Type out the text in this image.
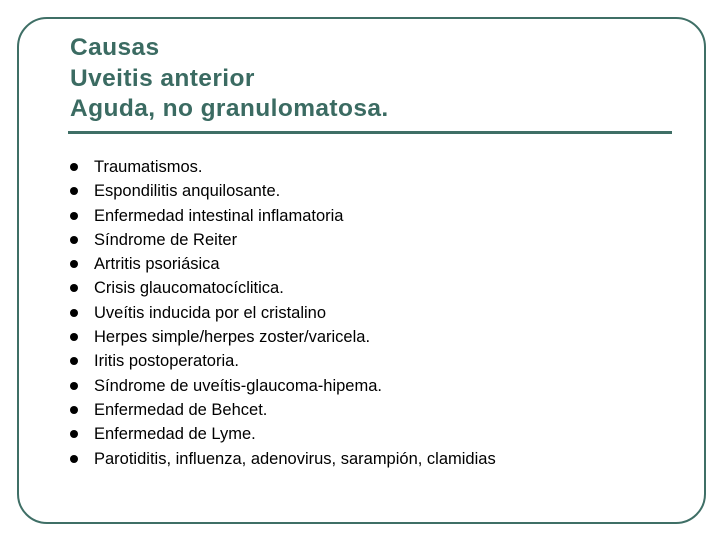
Causas
Uveitis anterior
Aguda, no granulomatosa.
Traumatismos.
Espondilitis anquilosante.
Enfermedad intestinal inflamatoria
Síndrome de Reiter
Artritis psoriásica
Crisis glaucomatocíclitica.
Uveítis inducida por el cristalino
Herpes simple/herpes zoster/varicela.
Iritis postoperatoria.
Síndrome de uveítis-glaucoma-hipema.
Enfermedad de Behcet.
Enfermedad de Lyme.
Parotiditis, influenza, adenovirus, sarampión, clamidias
